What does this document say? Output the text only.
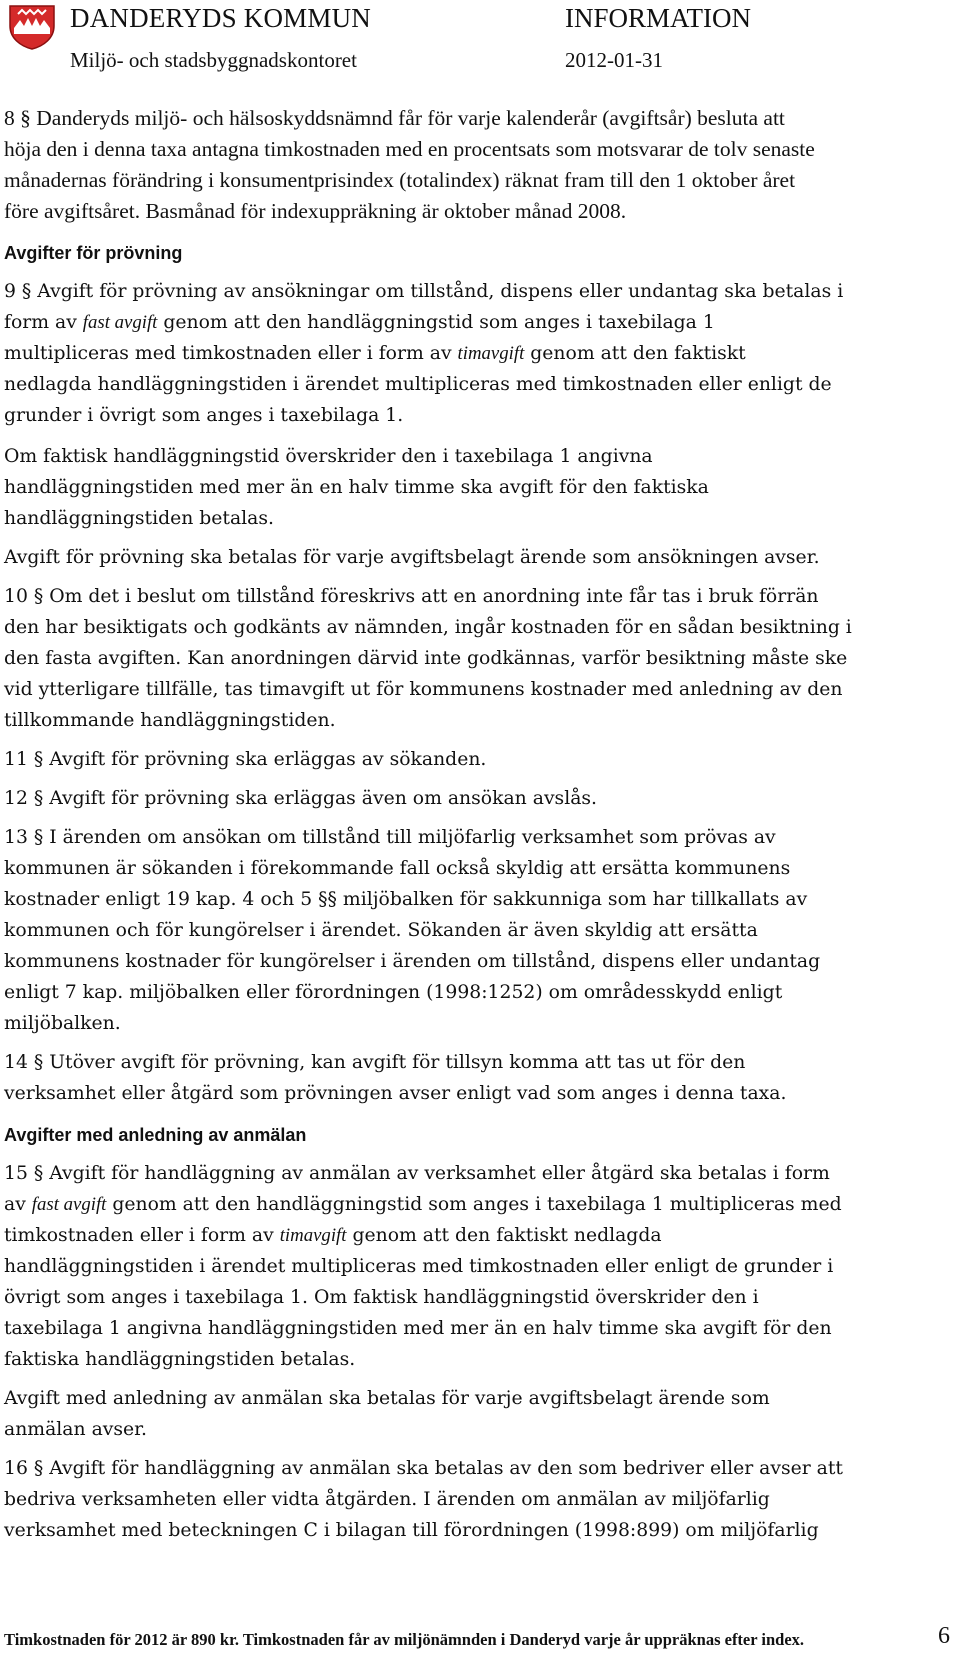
DANDERYDS KOMMUN	INFORMATION
Miljö- och stadsbyggnadskontoret	2012-01-31
8 § Danderyds miljö- och hälsoskyddsnämnd får för varje kalenderår (avgiftsår) besluta att
höja den i denna taxa antagna timkostnaden med en procentsats som motsvarar de tolv senaste
månadernas förändring i konsumentprisindex (totalindex) räknat fram till den 1 oktober året
före avgiftsåret. Basmånad för indexuppräkning är oktober månad 2008.
Avgifter för prövning
9 § Avgift för prövning av ansökningar om tillstånd, dispens eller undantag ska betalas i
form av fast avgift genom att den handläggningstid som anges i taxebilaga 1
multipliceras med timkostnaden eller i form av timavgift genom att den faktiskt
nedlagda handläggningstiden i ärendet multipliceras med timkostnaden eller enligt de
grunder i övrigt som anges i taxebilaga 1.
Om faktisk handläggningstid överskrider den i taxebilaga 1 angivna
handläggningstiden med mer än en halv timme ska avgift för den faktiska
handläggningstiden betalas.
Avgift för prövning ska betalas för varje avgiftsbelagt ärende som ansökningen avser.
10 § Om det i beslut om tillstånd föreskrivs att en anordning inte får tas i bruk förrän
den har besiktigats och godkänts av nämnden, ingår kostnaden för en sådan besiktning i
den fasta avgiften. Kan anordningen därvid inte godkännas, varför besiktning måste ske
vid ytterligare tillfälle, tas timavgift ut för kommunens kostnader med anledning av den
tillkommande handläggningstiden.
11 § Avgift för prövning ska erläggas av sökanden.
12 § Avgift för prövning ska erläggas även om ansökan avslås.
13 § I ärenden om ansökan om tillstånd till miljöfarlig verksamhet som prövas av
kommunen är sökanden i förekommande fall också skyldig att ersätta kommunens
kostnader enligt 19 kap. 4 och 5 §§ miljöbalken för sakkunniga som har tillkallats av
kommunen och för kungörelser i ärendet. Sökanden är även skyldig att ersätta
kommunens kostnader för kungörelser i ärenden om tillstånd, dispens eller undantag
enligt 7 kap. miljöbalken eller förordningen (1998:1252) om områdesskydd enligt
miljöbalken.
14 § Utöver avgift för prövning, kan avgift för tillsyn komma att tas ut för den
verksamhet eller åtgärd som prövningen avser enligt vad som anges i denna taxa.
Avgifter med anledning av anmälan
15 § Avgift för handläggning av anmälan av verksamhet eller åtgärd ska betalas i form
av fast avgift genom att den handläggningstid som anges i taxebilaga 1 multipliceras med
timkostnaden eller i form av timavgift genom att den faktiskt nedlagda
handläggningstiden i ärendet multipliceras med timkostnaden eller enligt de grunder i
övrigt som anges i taxebilaga 1. Om faktisk handläggningstid överskrider den i
taxebilaga 1 angivna handläggningstiden med mer än en halv timme ska avgift för den
faktiska handläggningstiden betalas.
Avgift med anledning av anmälan ska betalas för varje avgiftsbelagt ärende som
anmälan avser.
16 § Avgift för handläggning av anmälan ska betalas av den som bedriver eller avser att
bedriva verksamheten eller vidta åtgärden. I ärenden om anmälan av miljöfarlig
verksamhet med beteckningen C i bilagan till förordningen (1998:899) om miljöfarlig
Timkostnaden för 2012 är 890 kr. Timkostnaden får av miljönämnden i Danderyd varje år uppräknas efter index.	6
